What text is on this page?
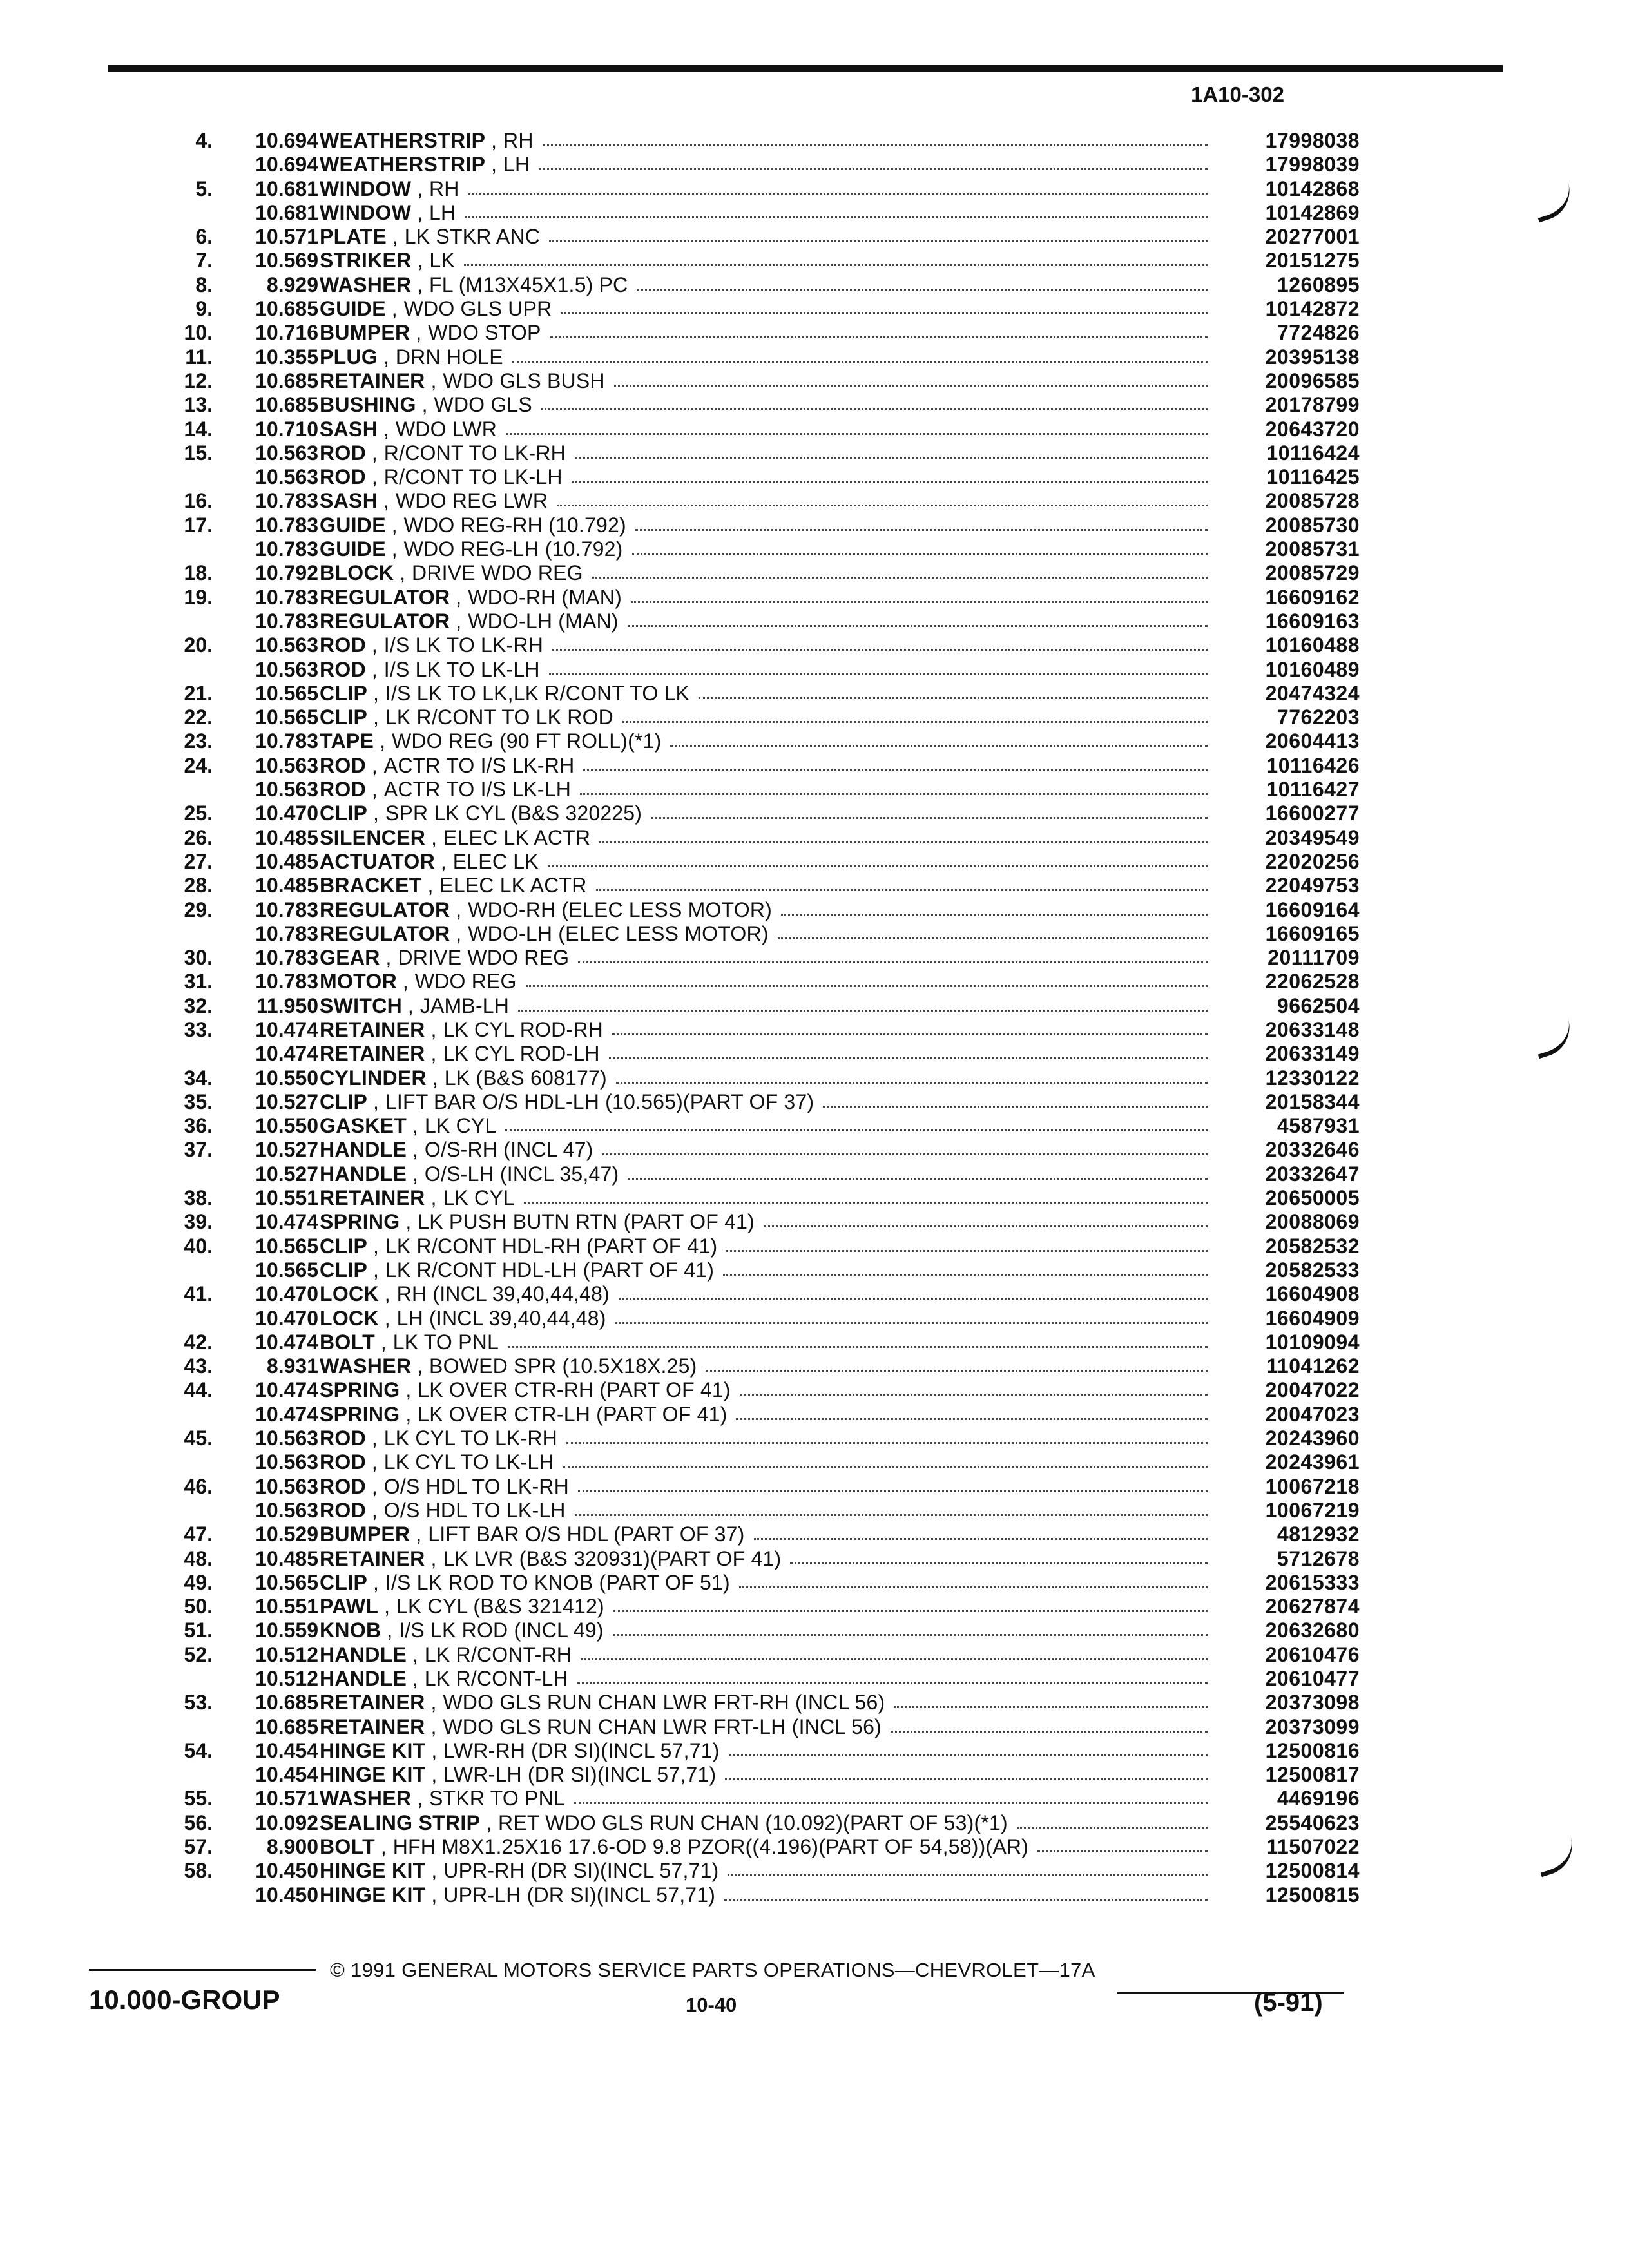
1A10-302
4. 10.694 WEATHERSTRIP , RH	17998038
10.694 WEATHERSTRIP , LH	17998039
5. 10.681 WINDOW , RH	10142868
10.681 WINDOW , LH	10142869
6. 10.571 PLATE , LK STKR ANC	20277001
7. 10.569 STRIKER , LK	20151275
8.	8.929 WASHER , FL (M13X45X1.5) PC	1260895
9. 10.685 GUIDE , WDO GLS UPR	10142872
10. 10.716 BUMPER , WDO STOP	7724826
11. 10.355 PLUG , DRN HOLE	20395138
12. 10.685 RETAINER , WDO GLS BUSH	20096585
13. 10.685 BUSHING , WDO GLS	20178799
14. 10.710 SASH , WDO LWR	20643720
15. 10.563 ROD , R/CONT TO LK-RH	10116424
10.563 ROD , R/CONT TO LK-LH	10116425
16. 10.783 SASH , WDO REG LWR	20085728
17. 10.783 GUIDE , WDO REG-RH (10.792)	20085730
10.783 GUIDE , WDO REG-LH (10.792)	20085731
18. 10.792 BLOCK , DRIVE WDO REG	20085729
19. 10.783 REGULATOR , WDO-RH (MAN)	16609162
10.783 REGULATOR , WDO-LH (MAN)	16609163
20. 10.563 ROD , I/S LK TO LK-RH	10160488
10.563 ROD , I/S LK TO LK-LH	10160489
21. 10.565 CLIP , I/S LK TO LK,LK R/CONT TO LK	20474324
22. 10.565 CLIP , LK R/CONT TO LK ROD	7762203
23. 10.783 TAPE , WDO REG (90 FT ROLL)(*1)	20604413
24. 10.563 ROD , ACTR TO I/S LK-RH	10116426
10.563 ROD , ACTR TO I/S LK-LH	10116427
25. 10.470 CLIP , SPR LK CYL (B&S 320225)	16600277
26. 10.485 SILENCER , ELEC LK ACTR	20349549
27. 10.485 ACTUATOR , ELEC LK	22020256
28. 10.485 BRACKET , ELEC LK ACTR	22049753
29. 10.783 REGULATOR , WDO-RH (ELEC LESS MOTOR)	16609164
10.783 REGULATOR , WDO-LH (ELEC LESS MOTOR)	16609165
30. 10.783 GEAR , DRIVE WDO REG	20111709
31. 10.783 MOTOR , WDO REG	22062528
32. 11.950 SWITCH , JAMB-LH	9662504
33. 10.474 RETAINER , LK CYL ROD-RH	20633148
10.474 RETAINER , LK CYL ROD-LH	20633149
34. 10.550 CYLINDER , LK (B&S 608177)	12330122
35. 10.527 CLIP , LIFT BAR O/S HDL-LH (10.565)(PART OF 37)	20158344
36. 10.550 GASKET , LK CYL	4587931
37. 10.527 HANDLE , O/S-RH (INCL 47)	20332646
10.527 HANDLE , O/S-LH (INCL 35,47)	20332647
38. 10.551 RETAINER , LK CYL	20650005
39. 10.474 SPRING , LK PUSH BUTN RTN (PART OF 41)	20088069
40. 10.565 CLIP , LK R/CONT HDL-RH (PART OF 41)	20582532
10.565 CLIP , LK R/CONT HDL-LH (PART OF 41)	20582533
41. 10.470 LOCK , RH (INCL 39,40,44,48)	16604908
10.470 LOCK , LH (INCL 39,40,44,48)	16604909
42. 10.474 BOLT , LK TO PNL	10109094
43.	8.931 WASHER , BOWED SPR (10.5X18X.25)	11041262
44. 10.474 SPRING , LK OVER CTR-RH (PART OF 41)	20047022
10.474 SPRING , LK OVER CTR-LH (PART OF 41)	20047023
45. 10.563 ROD , LK CYL TO LK-RH	20243960
10.563 ROD , LK CYL TO LK-LH	20243961
46. 10.563 ROD , O/S HDL TO LK-RH	10067218
10.563 ROD , O/S HDL TO LK-LH	10067219
47. 10.529 BUMPER , LIFT BAR O/S HDL (PART OF 37)	4812932
48. 10.485 RETAINER , LK LVR (B&S 320931)(PART OF 41)	5712678
49. 10.565 CLIP , I/S LK ROD TO KNOB (PART OF 51)	20615333
50. 10.551 PAWL , LK CYL (B&S 321412)	20627874
51. 10.559 KNOB , I/S LK ROD (INCL 49)	20632680
52. 10.512 HANDLE , LK R/CONT-RH	20610476
10.512 HANDLE , LK R/CONT-LH	20610477
53. 10.685 RETAINER , WDO GLS RUN CHAN LWR FRT-RH (INCL 56)	20373098
10.685 RETAINER , WDO GLS RUN CHAN LWR FRT-LH (INCL 56)	20373099
54. 10.454 HINGE KIT , LWR-RH (DR SI)(INCL 57,71)	12500816
10.454 HINGE KIT , LWR-LH (DR SI)(INCL 57,71)	12500817
55. 10.571 WASHER , STKR TO PNL	4469196
56. 10.092 SEALING STRIP , RET WDO GLS RUN CHAN (10.092)(PART OF 53)(*1)	25540623
57.	8.900 BOLT , HFH M8X1.25X16 17.6-OD 9.8 PZOR((4.196)(PART OF 54,58))(AR)	11507022
58. 10.450 HINGE KIT , UPR-RH (DR SI)(INCL 57,71)	12500814
10.450 HINGE KIT , UPR-LH (DR SI)(INCL 57,71)	12500815
© 1991 GENERAL MOTORS SERVICE PARTS OPERATIONS—CHEVROLET—17A
10.000-GROUP	10-40	(5-91)
